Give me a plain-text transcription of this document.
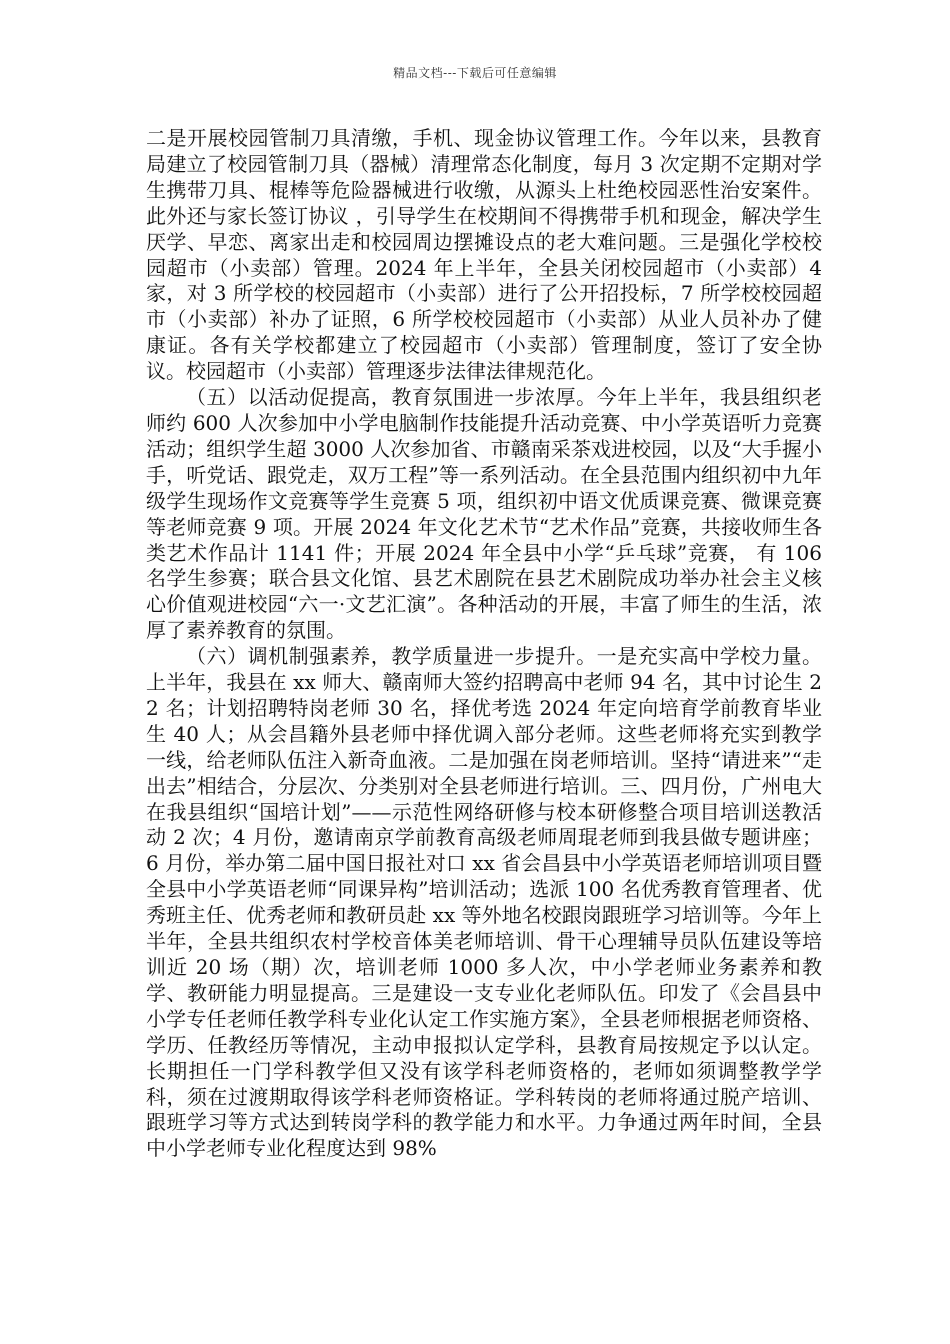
精品文档---下载后可任意编辑

二是开展校园管制刀具清缴，手机、现金协议管理工作。今年以来，县教育局建立了校园管制刀具（器械）清理常态化制度，每月 3 次定期不定期对学生携带刀具、棍棒等危险器械进行收缴，从源头上杜绝校园恶性治安案件。此外还与家长签订协议 ，引导学生在校期间不得携带手机和现金，解决学生厌学、早恋、离家出走和校园周边摆摊设点的老大难问题。三是强化学校校园超市（小卖部）管理。2024 年上半年，全县关闭校园超市（小卖部）4 家，对 3 所学校的校园超市（小卖部）进行了公开招投标，7 所学校校园超市（小卖部）补办了证照，6 所学校校园超市（小卖部）从业人员补办了健康证。各有关学校都建立了校园超市（小卖部）管理制度，签订了安全协议。校园超市（小卖部）管理逐步法律法律规范化。

（五）以活动促提高，教育氛围进一步浓厚。今年上半年，我县组织老师约 600 人次参加中小学电脑制作技能提升活动竞赛、中小学英语听力竞赛活动；组织学生超 3000 人次参加省、市赣南采茶戏进校园，以及“大手握小手，听党话、跟党走，双万工程”等一系列活动。在全县范围内组织初中九年级学生现场作文竞赛等学生竞赛 5 项，组织初中语文优质课竞赛、微课竞赛等老师竞赛 9 项。开展 2024 年文化艺术节“艺术作品”竞赛，共接收师生各类艺术作品计 1141 件；开展 2024 年全县中小学“乒乓球”竞赛， 有 106 名学生参赛；联合县文化馆、县艺术剧院在县艺术剧院成功举办社会主义核心价值观进校园“六一·文艺汇演”。各种活动的开展，丰富了师生的生活，浓厚了素养教育的氛围。

（六）调机制强素养，教学质量进一步提升。一是充实高中学校力量。上半年，我县在 xx 师大、赣南师大签约招聘高中老师 94 名，其中讨论生 22 名；计划招聘特岗老师 30 名，择优考选 2024 年定向培育学前教育毕业生 40 人；从会昌籍外县老师中择优调入部分老师。这些老师将充实到教学一线，给老师队伍注入新奇血液。二是加强在岗老师培训。坚持“请进来”“走出去”相结合，分层次、分类别对全县老师进行培训。三、四月份，广州电大在我县组织“国培计划”——示范性网络研修与校本研修整合项目培训送教活动 2 次；4 月份，邀请南京学前教育高级老师周琨老师到我县做专题讲座；6 月份，举办第二届中国日报社对口 xx 省会昌县中小学英语老师培训项目暨全县中小学英语老师“同课异构”培训活动；选派 100 名优秀教育管理者、优秀班主任、优秀老师和教研员赴 xx 等外地名校跟岗跟班学习培训等。今年上半年，全县共组织农村学校音体美老师培训、骨干心理辅导员队伍建设等培训近 20 场（期）次，培训老师 1000 多人次，中小学老师业务素养和教学、教研能力明显提高。三是建设一支专业化老师队伍。印发了《会昌县中小学专任老师任教学科专业化认定工作实施方案》，全县老师根据老师资格、学历、任教经历等情况，主动申报拟认定学科，县教育局按规定予以认定。长期担任一门学科教学但又没有该学科老师资格的，老师如须调整教学学科，须在过渡期取得该学科老师资格证。学科转岗的老师将通过脱产培训、跟班学习等方式达到转岗学科的教学能力和水平。力争通过两年时间，全县中小学老师专业化程度达到 98%
